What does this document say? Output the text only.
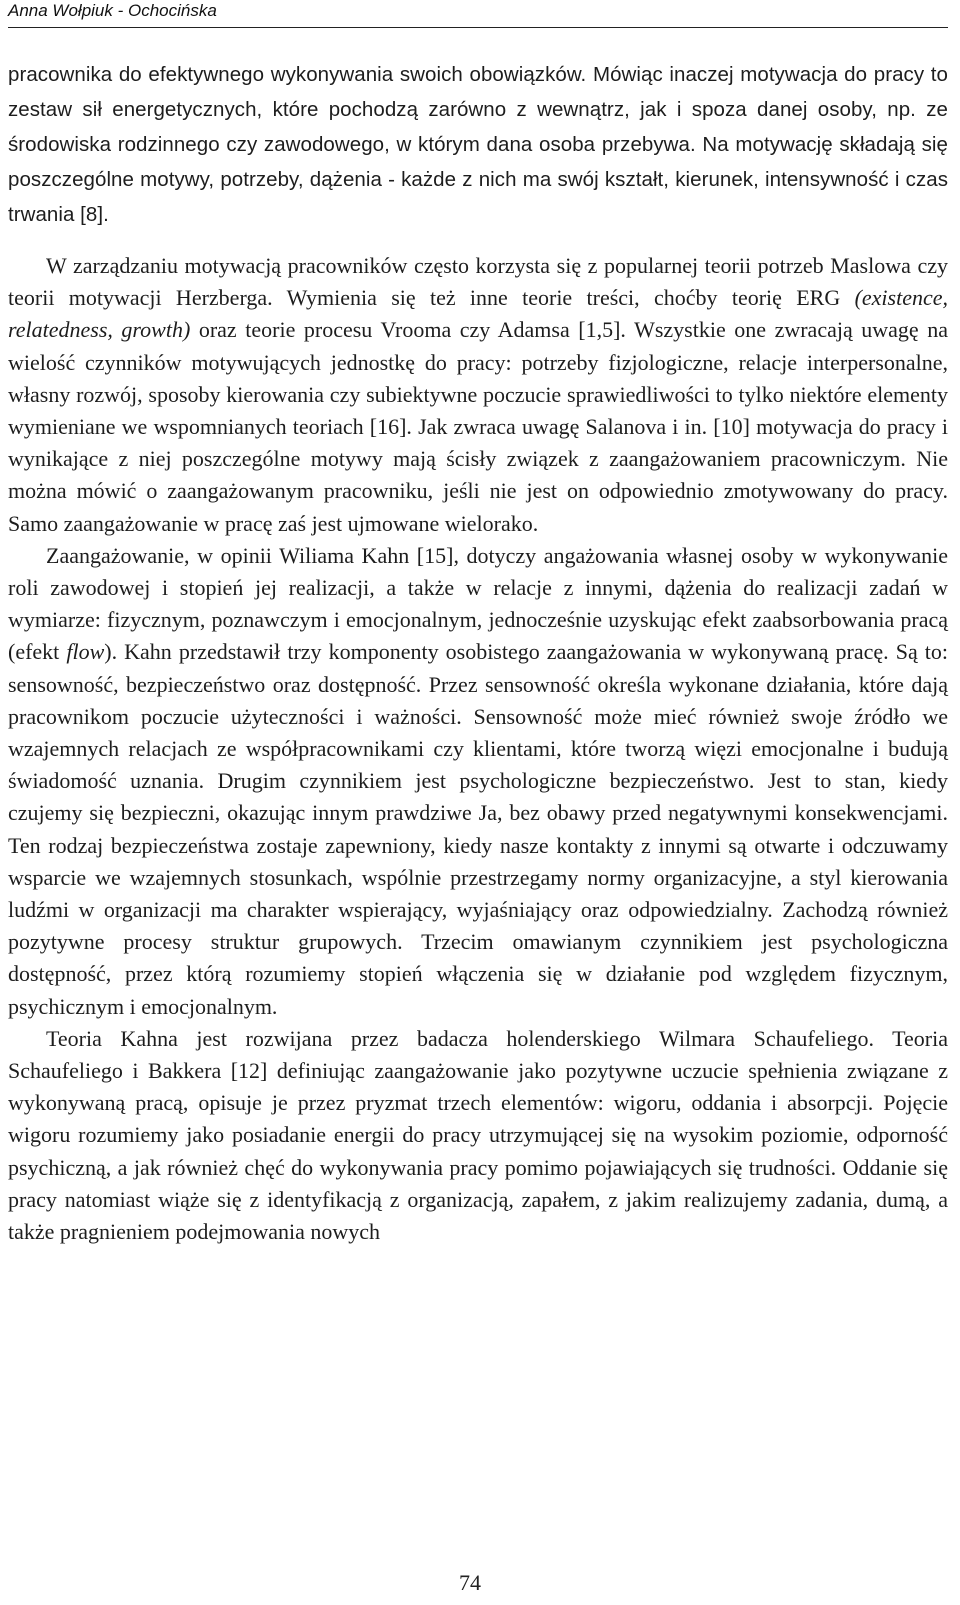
Anna Wołpiuk - Ochocińska

pracownika do efektywnego wykonywania swoich obowiązków. Mówiąc inaczej motywacja do pracy to zestaw sił energetycznych, które pochodzą zarówno z wewnątrz, jak i spoza danej osoby, np. ze środowiska rodzinnego czy zawodowego, w którym dana osoba przebywa. Na motywację składają się poszczególne motywy, potrzeby, dążenia - każde z nich ma swój kształt, kierunek, intensywność i czas trwania [8].

W zarządzaniu motywacją pracowników często korzysta się z popularnej teorii potrzeb Maslowa czy teorii motywacji Herzberga. Wymienia się też inne teorie treści, choćby teorię ERG (existence, relatedness, growth) oraz teorie procesu Vrooma czy Adamsa [1,5]. Wszystkie one zwracają uwagę na wielość czynników motywujących jednostkę do pracy: potrzeby fizjologiczne, relacje interpersonalne, własny rozwój, sposoby kierowania czy subiektywne poczucie sprawiedliwości to tylko niektóre elementy wymieniane we wspomnianych teoriach [16]. Jak zwraca uwagę Salanova i in. [10] motywacja do pracy i wynikające z niej poszczególne motywy mają ścisły związek z zaangażowaniem pracowniczym. Nie można mówić o zaangażowanym pracowniku, jeśli nie jest on odpowiednio zmotywowany do pracy. Samo zaangażowanie w pracę zaś jest ujmowane wielorako.

Zaangażowanie, w opinii Wiliama Kahn [15], dotyczy angażowania własnej osoby w wykonywanie roli zawodowej i stopień jej realizacji, a także w relacje z innymi, dążenia do realizacji zadań w wymiarze: fizycznym, poznawczym i emocjonalnym, jednocześnie uzyskując efekt zaabsorbowania pracą (efekt flow). Kahn przedstawił trzy komponenty osobistego zaangażowania w wykonywaną pracę. Są to: sensowność, bezpieczeństwo oraz dostępność. Przez sensowność określa wykonane działania, które dają pracownikom poczucie użyteczności i ważności. Sensowność może mieć również swoje źródło we wzajemnych relacjach ze współpracownikami czy klientami, które tworzą więzi emocjonalne i budują świadomość uznania. Drugim czynnikiem jest psychologiczne bezpieczeństwo. Jest to stan, kiedy czujemy się bezpieczni, okazując innym prawdziwe Ja, bez obawy przed negatywnymi konsekwencjami. Ten rodzaj bezpieczeństwa zostaje zapewniony, kiedy nasze kontakty z innymi są otwarte i odczuwamy wsparcie we wzajemnych stosunkach, wspólnie przestrzegamy normy organizacyjne, a styl kierowania ludźmi w organizacji ma charakter wspierający, wyjaśniający oraz odpowiedzialny. Zachodzą również pozytywne procesy struktur grupowych. Trzecim omawianym czynnikiem jest psychologiczna dostępność, przez którą rozumiemy stopień włączenia się w działanie pod względem fizycznym, psychicznym i emocjonalnym.

Teoria Kahna jest rozwijana przez badacza holenderskiego Wilmara Schaufeliego. Teoria Schaufeliego i Bakkera [12] definiując zaangażowanie jako pozytywne uczucie spełnienia związane z wykonywaną pracą, opisuje je przez pryzmat trzech elementów: wigoru, oddania i absorpcji. Pojęcie wigoru rozumiemy jako posiadanie energii do pracy utrzymującej się na wysokim poziomie, odporność psychiczną, a jak również chęć do wykonywania pracy pomimo pojawiających się trudności. Oddanie się pracy natomiast wiąże się z identyfikacją z organizacją, zapałem, z jakim realizujemy zadania, dumą, a także pragnieniem podejmowania nowych

74
